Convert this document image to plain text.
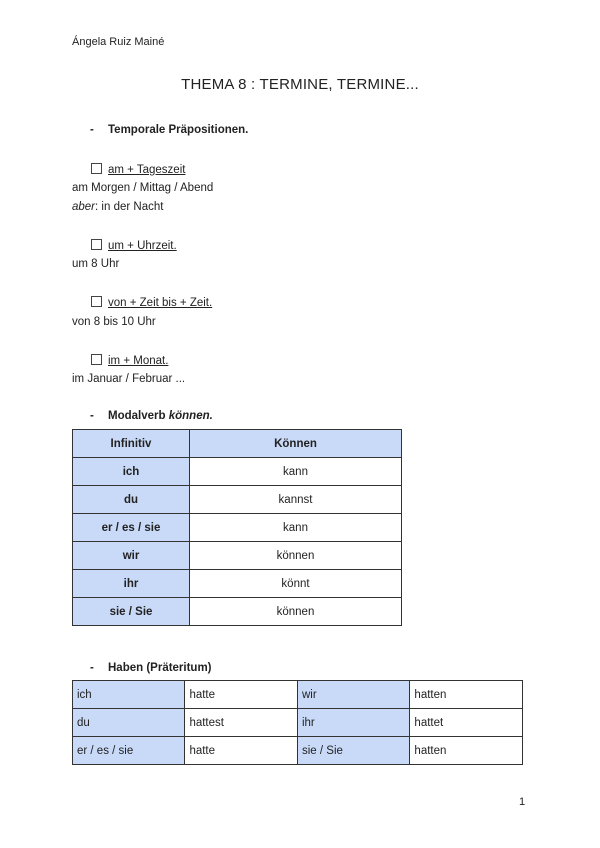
Ángela Ruiz Mainé
THEMA 8 : TERMINE, TERMINE...
- Temporale Präpositionen.
am + Tageszeit
am Morgen / Mittag / Abend
aber: in der Nacht
um + Uhrzeit.
um 8 Uhr
von + Zeit bis + Zeit.
von 8 bis 10 Uhr
im + Monat.
im Januar / Februar ...
- Modalverb können.
Infinitiv	Können
ich	kann
du	kannst
er / es / sie	kann
wir	können
ihr	könnt
sie / Sie	können
- Haben (Präteritum)
ich	hatte	wir	hatten
du	hattest	ihr	hattet
er / es / sie	hatte	sie / Sie	hatten
1
